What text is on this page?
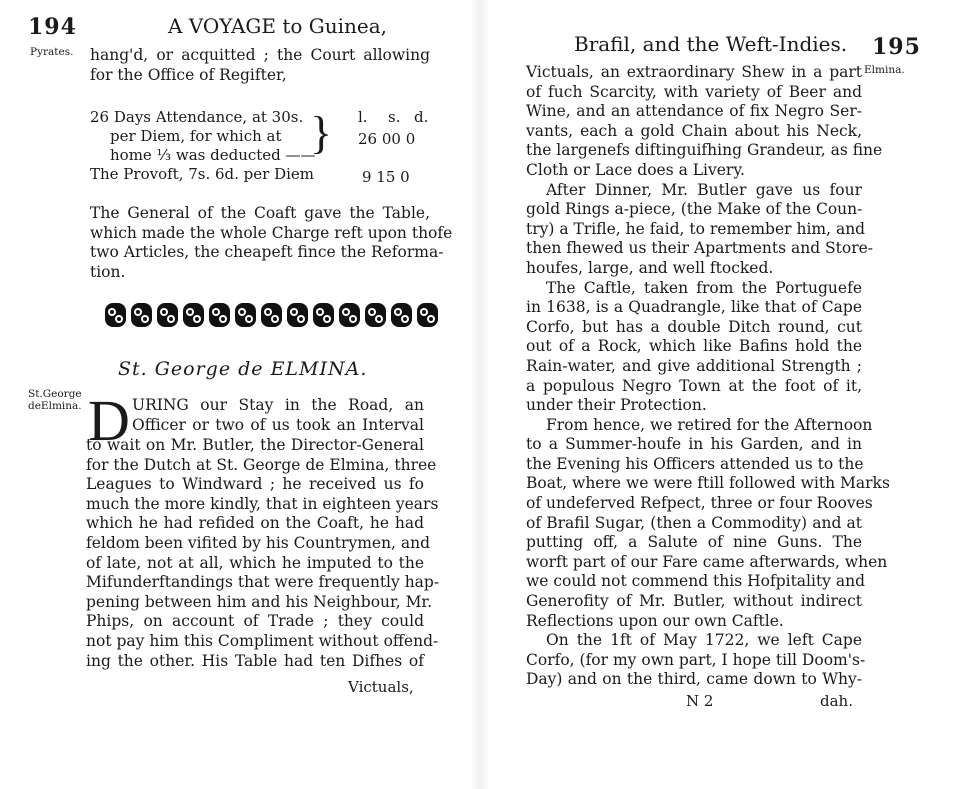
194	A VOYAGE to Guinea,
Pyrates. hang'd, or acquitted ; the Court allowing
for the Office of Regifter,
l. s. d.
26 Days Attendance, at 30s.
per Diem, for which at
home ⅓ was deducted ——
The Provoft, 7s. 6d. per Diem
} 26 00 0
9 15 0
The General of the Coaft gave the Table,
which made the whole Charge reft upon thofe
two Articles, the cheapeft fince the Reforma-
tion.
St. George de ELMINA.
St.George
deElmina. D URING our Stay in the Road, an
Officer or two of us took an Interval
to wait on Mr. Butler, the Director-General
for the Dutch at St. George de Elmina, three
Leagues to Windward ; he received us fo
much the more kindly, that in eighteen years
which he had refided on the Coaft, he had
feldom been vifited by his Countrymen, and
of late, not at all, which he imputed to the
Mifunderftandings that were frequently hap-
pening between him and his Neighbour, Mr.
Phips, on account of Trade ; they could
not pay him this Compliment without offend-
ing the other. His Table had ten Difhes of
Victuals,
Brafil, and the Weft-Indies. 195
Elmina.
Victuals, an extraordinary Shew in a part
of fuch Scarcity, with variety of Beer and
Wine, and an attendance of fix Negro Ser-
vants, each a gold Chain about his Neck,
the largenefs diftinguifhing Grandeur, as fine
Cloth or Lace does a Livery.
After Dinner, Mr. Butler gave us four
gold Rings a-piece, (the Make of the Coun-
try) a Trifle, he faid, to remember him, and
then fhewed us their Apartments and Store-
houfes, large, and well ftocked.
The Caftle, taken from the Portuguefe
in 1638, is a Quadrangle, like that of Cape
Corfo, but has a double Ditch round, cut
out of a Rock, which like Bafins hold the
Rain-water, and give additional Strength ;
a populous Negro Town at the foot of it,
under their Protection.
From hence, we retired for the Afternoon
to a Summer-houfe in his Garden, and in
the Evening his Officers attended us to the
Boat, where we were ftill followed with Marks
of undeferved Refpect, three or four Rooves
of Brafil Sugar, (then a Commodity) and at
putting off, a Salute of nine Guns. The
worft part of our Fare came afterwards, when
we could not commend this Hofpitality and
Generofity of Mr. Butler, without indirect
Reflections upon our own Caftle.
On the 1ft of May 1722, we left Cape
Corfo, (for my own part, I hope till Doom's-
Day) and on the third, came down to Why-
N 2	dah.
